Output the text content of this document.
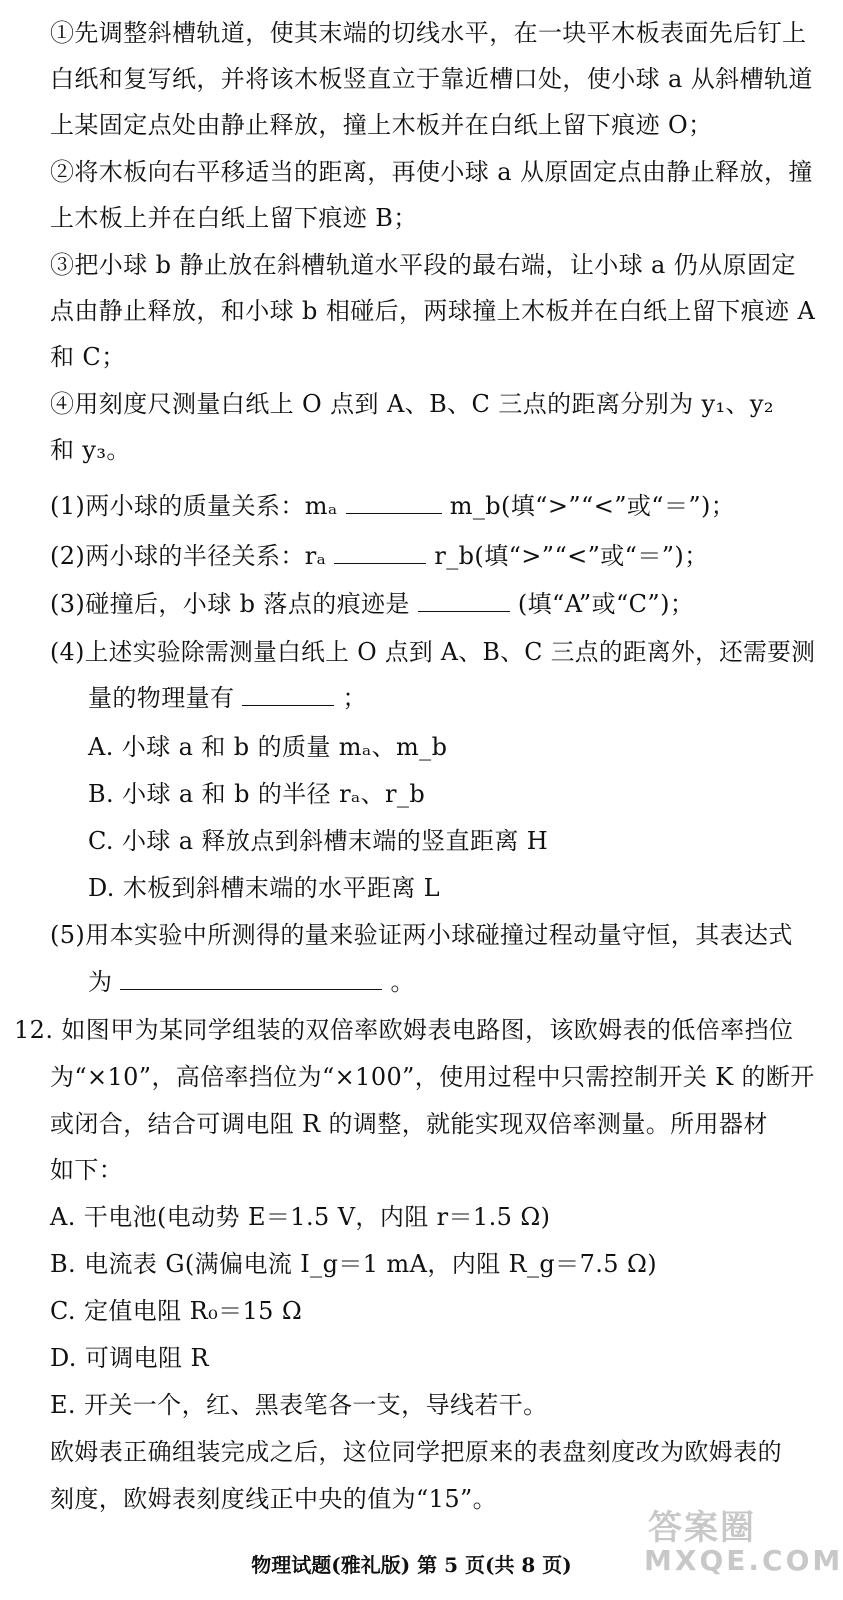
①先调整斜槽轨道，使其末端的切线水平，在一块平木板表面先后钉上
白纸和复写纸，并将该木板竖直立于靠近槽口处，使小球 a 从斜槽轨道
上某固定点处由静止释放，撞上木板并在白纸上留下痕迹 O；
②将木板向右平移适当的距离，再使小球 a 从原固定点由静止释放，撞
上木板上并在白纸上留下痕迹 B；
③把小球 b 静止放在斜槽轨道水平段的最右端，让小球 a 仍从原固定
点由静止释放，和小球 b 相碰后，两球撞上木板并在白纸上留下痕迹 A
和 C；
④用刻度尺测量白纸上 O 点到 A、B、C 三点的距离分别为 y₁、y₂
和 y₃。
(1)两小球的质量关系：mₐ	m_b(填“>”“<”或“＝”)；
(2)两小球的半径关系：rₐ	r_b(填“>”“<”或“＝”)；
(3)碰撞后，小球 b 落点的痕迹是	(填“A”或“C”)；
(4)上述实验除需测量白纸上 O 点到 A、B、C 三点的距离外，还需要测
量的物理量有	；
A. 小球 a 和 b 的质量 mₐ、m_b
B. 小球 a 和 b 的半径 rₐ、r_b
C. 小球 a 释放点到斜槽末端的竖直距离 H
D. 木板到斜槽末端的水平距离 L
(5)用本实验中所测得的量来验证两小球碰撞过程动量守恒，其表达式
为	。
12. 如图甲为某同学组装的双倍率欧姆表电路图，该欧姆表的低倍率挡位
为“×10”，高倍率挡位为“×100”，使用过程中只需控制开关 K 的断开
或闭合，结合可调电阻 R 的调整，就能实现双倍率测量。所用器材
如下：
A. 干电池(电动势 E＝1.5 V，内阻 r＝1.5 Ω)
B. 电流表 G(满偏电流 I_g＝1 mA，内阻 R_g＝7.5 Ω)
C. 定值电阻 R₀＝15 Ω
D. 可调电阻 R
E. 开关一个，红、黑表笔各一支，导线若干。
欧姆表正确组装完成之后，这位同学把原来的表盘刻度改为欧姆表的
刻度，欧姆表刻度线正中央的值为“15”。
物理试题(雅礼版) 第 5 页(共 8 页)
答案圈
MXQE.COM
